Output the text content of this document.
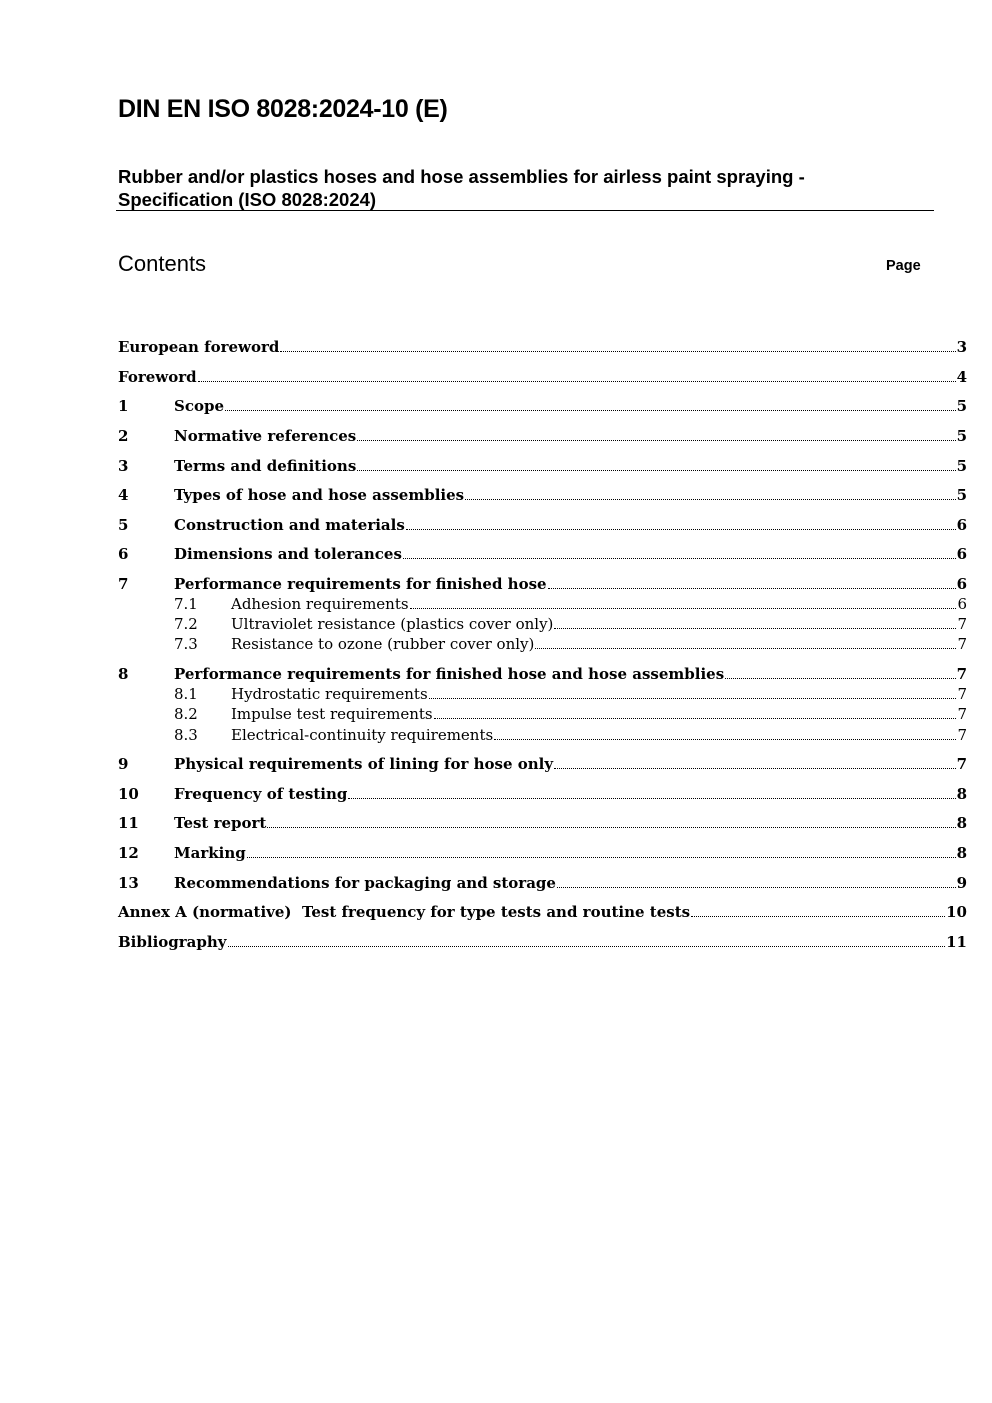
DIN EN ISO 8028:2024-10 (E)
Rubber and/or plastics hoses and hose assemblies for airless paint spraying -
Specification (ISO 8028:2024)
Contents	Page
European foreword	3
Foreword	4
1	Scope	5
2	Normative references	5
3	Terms and definitions	5
4	Types of hose and hose assemblies	5
5	Construction and materials	6
6	Dimensions and tolerances	6
7	Performance requirements for finished hose	6
7.1	Adhesion requirements	6
7.2	Ultraviolet resistance (plastics cover only)	7
7.3	Resistance to ozone (rubber cover only)	7
8	Performance requirements for finished hose and hose assemblies	7
8.1	Hydrostatic requirements	7
8.2	Impulse test requirements	7
8.3	Electrical-continuity requirements	7
9	Physical requirements of lining for hose only	7
10	Frequency of testing	8
11	Test report	8
12	Marking	8
13	Recommendations for packaging and storage	9
Annex A (normative)  Test frequency for type tests and routine tests	10
Bibliography	11
